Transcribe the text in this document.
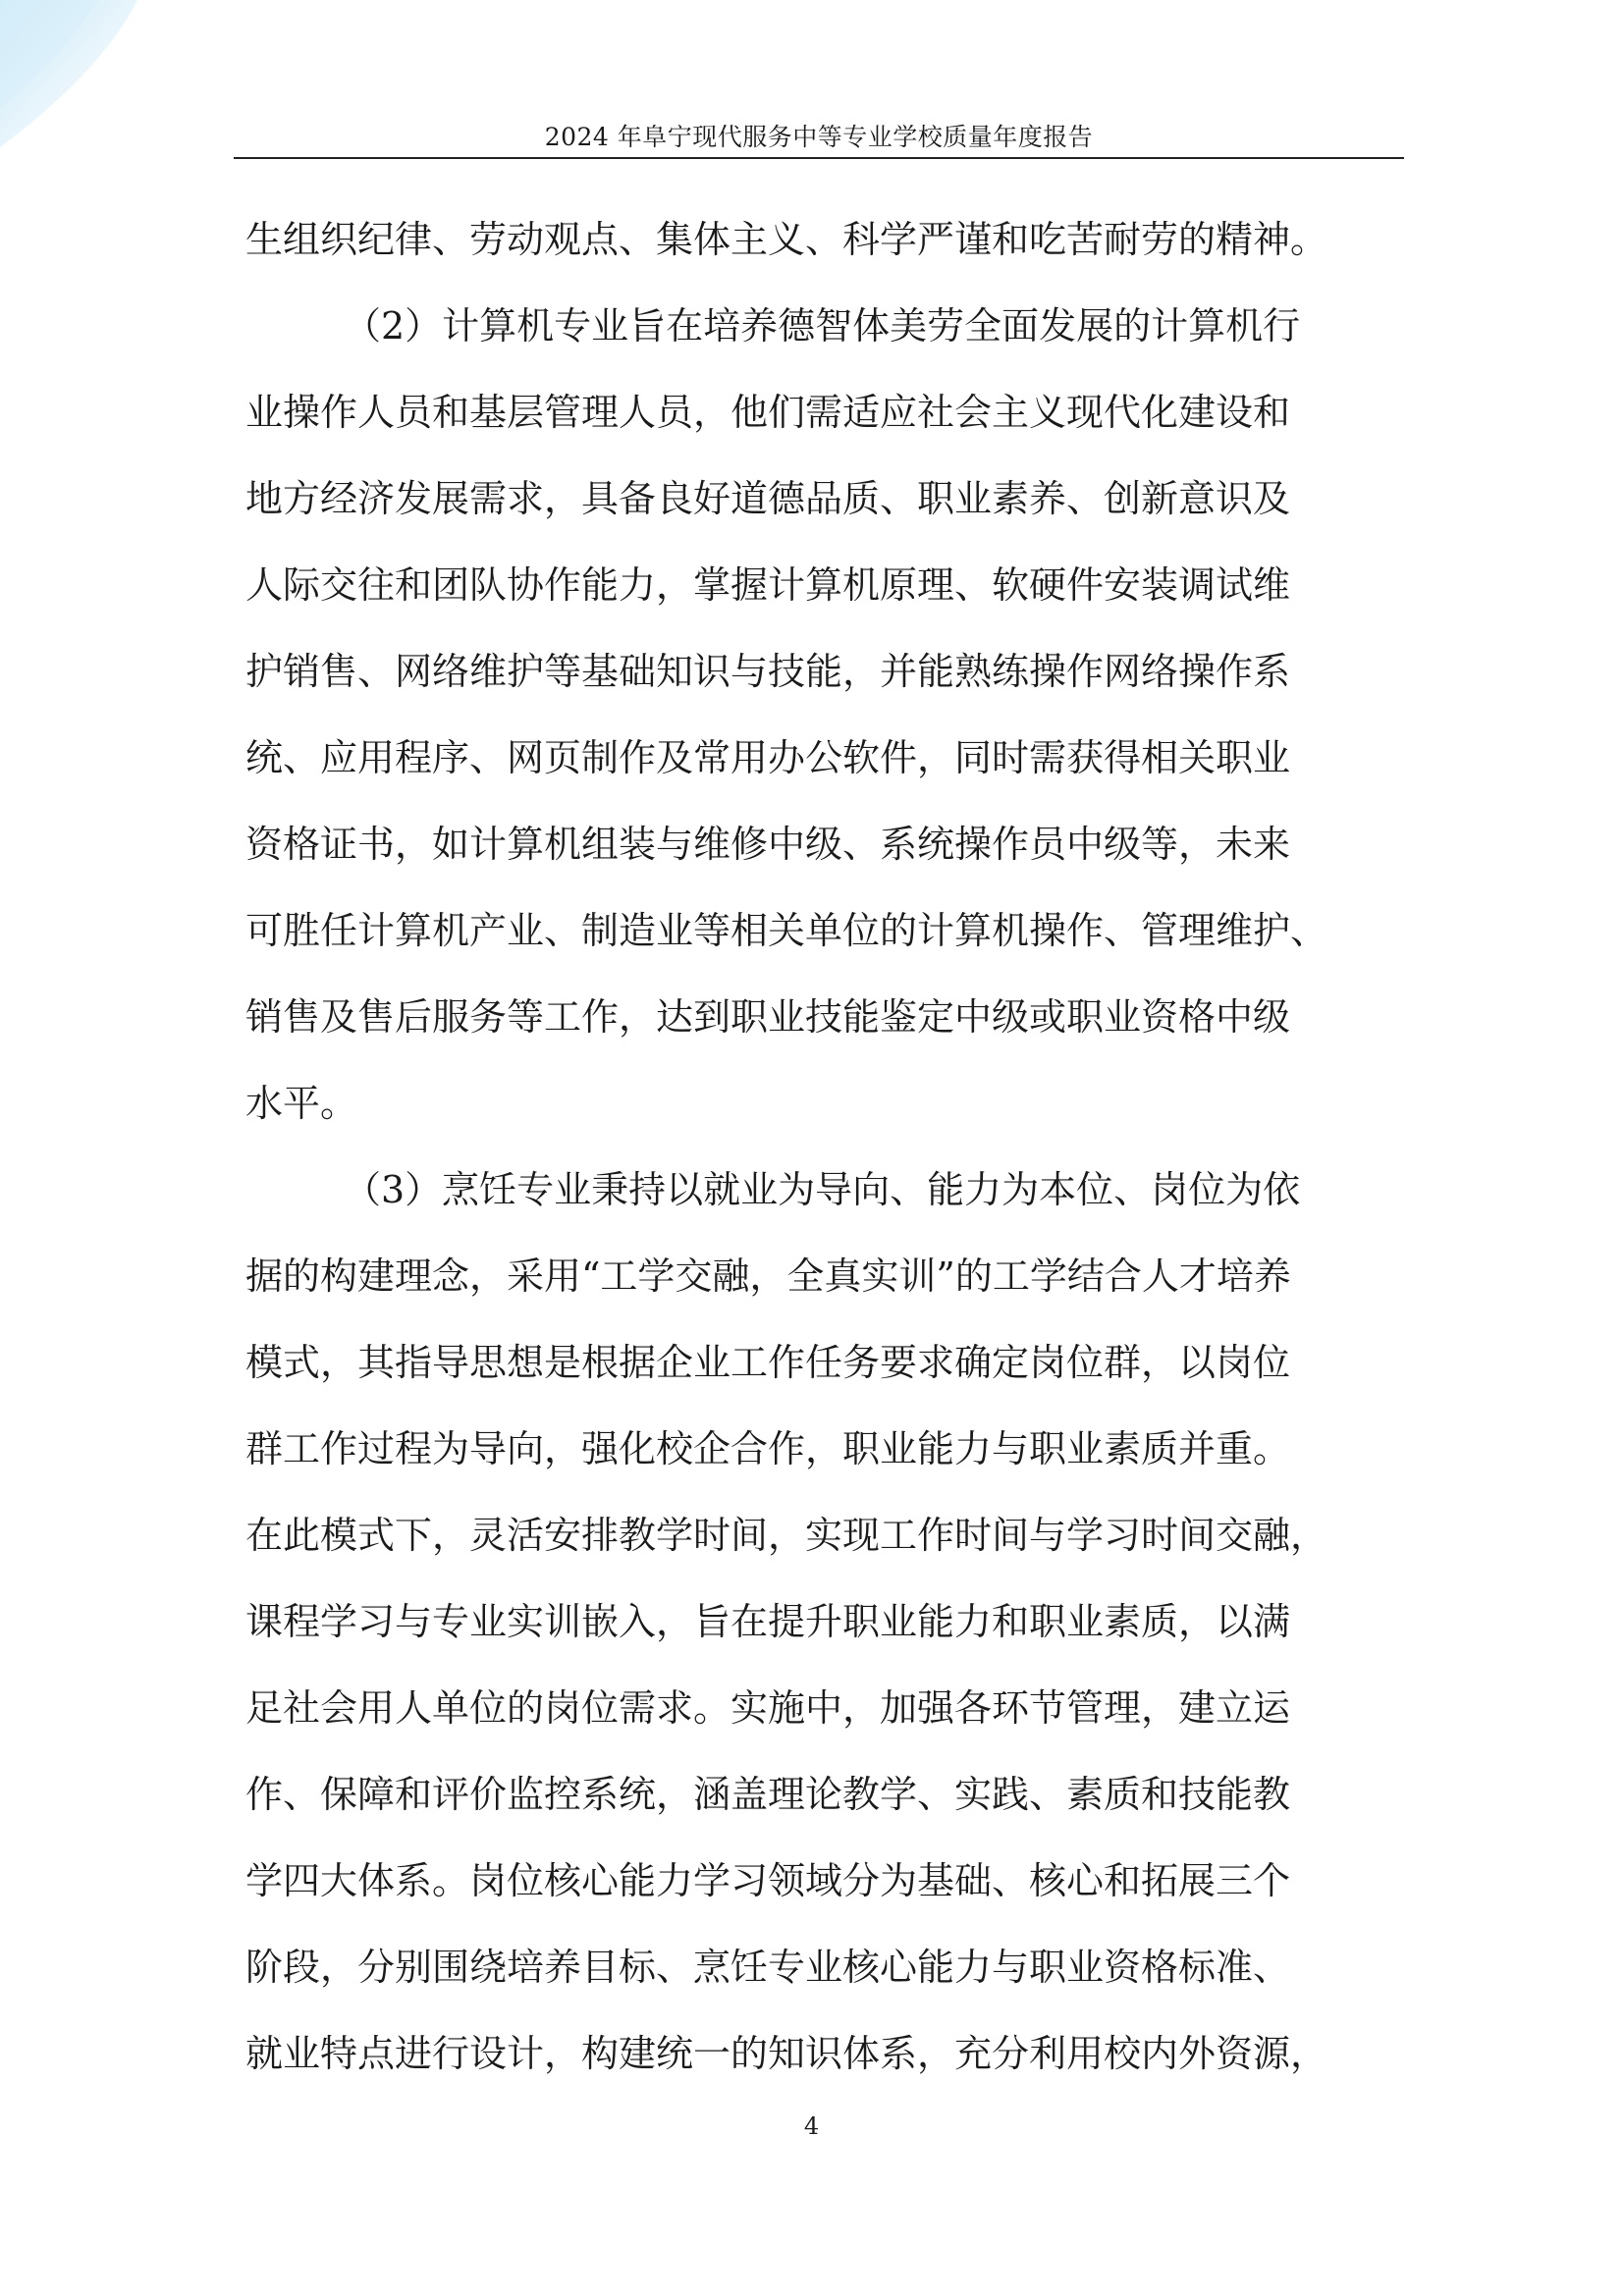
2024 年阜宁现代服务中等专业学校质量年度报告
生组织纪律、劳动观点、集体主义、科学严谨和吃苦耐劳的精神。
（2）计算机专业旨在培养德智体美劳全面发展的计算机行
业操作人员和基层管理人员，他们需适应社会主义现代化建设和
地方经济发展需求，具备良好道德品质、职业素养、创新意识及
人际交往和团队协作能力，掌握计算机原理、软硬件安装调试维
护销售、网络维护等基础知识与技能，并能熟练操作网络操作系
统、应用程序、网页制作及常用办公软件，同时需获得相关职业
资格证书，如计算机组装与维修中级、系统操作员中级等，未来
可胜任计算机产业、制造业等相关单位的计算机操作、管理维护、
销售及售后服务等工作，达到职业技能鉴定中级或职业资格中级
水平。
（3）烹饪专业秉持以就业为导向、能力为本位、岗位为依
据的构建理念，采用“工学交融，全真实训”的工学结合人才培养
模式，其指导思想是根据企业工作任务要求确定岗位群，以岗位
群工作过程为导向，强化校企合作，职业能力与职业素质并重。
在此模式下，灵活安排教学时间，实现工作时间与学习时间交融，
课程学习与专业实训嵌入，旨在提升职业能力和职业素质，以满
足社会用人单位的岗位需求。实施中，加强各环节管理，建立运
作、保障和评价监控系统，涵盖理论教学、实践、素质和技能教
学四大体系。岗位核心能力学习领域分为基础、核心和拓展三个
阶段，分别围绕培养目标、烹饪专业核心能力与职业资格标准、
就业特点进行设计，构建统一的知识体系，充分利用校内外资源，
4
